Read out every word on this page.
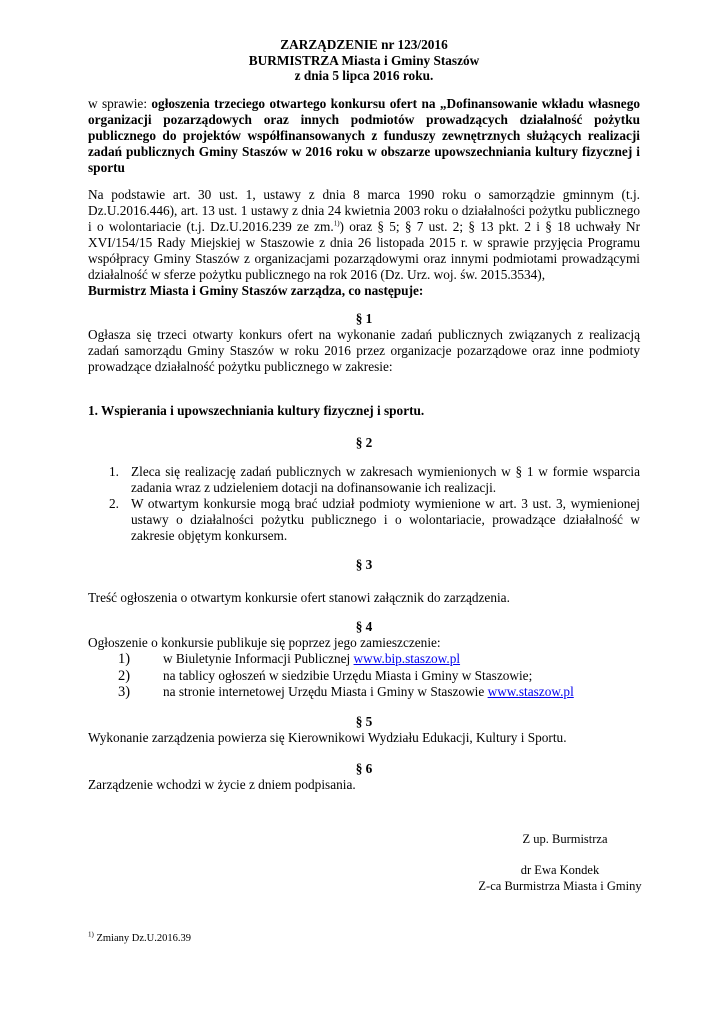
ZARZĄDZENIE nr 123/2016
BURMISTRZA Miasta i Gminy Staszów
z dnia 5 lipca 2016 roku.
w sprawie: ogłoszenia trzeciego otwartego konkursu ofert na „Dofinansowanie wkładu własnego organizacji pozarządowych oraz innych podmiotów prowadzących działalność pożytku publicznego do projektów współfinansowanych z funduszy zewnętrznych służących realizacji zadań publicznych Gminy Staszów w 2016 roku w obszarze upowszechniania kultury fizycznej i sportu
Na podstawie art. 30 ust. 1, ustawy z dnia 8 marca 1990 roku o samorządzie gminnym (t.j. Dz.U.2016.446), art. 13 ust. 1 ustawy z dnia 24 kwietnia 2003 roku o działalności pożytku publicznego i o wolontariacie (t.j. Dz.U.2016.239 ze zm.$^{1)}$) oraz § 5; § 7 ust. 2; § 13 pkt. 2 i § 18 uchwały Nr XVI/154/15 Rady Miejskiej w Staszowie z dnia 26 listopada 2015 r. w sprawie przyjęcia Programu współpracy Gminy Staszów z organizacjami pozarządowymi oraz innymi podmiotami prowadzącymi działalność w sferze pożytku publicznego na rok 2016 (Dz. Urz. woj. św. 2015.3534),
Burmistrz Miasta i Gminy Staszów zarządza, co następuje:
§ 1
Ogłasza się trzeci otwarty konkurs ofert na wykonanie zadań publicznych związanych z realizacją zadań samorządu Gminy Staszów w roku 2016 przez organizacje pozarządowe oraz inne podmioty prowadzące działalność pożytku publicznego w zakresie:
1. Wspierania i upowszechniania kultury fizycznej i sportu.
§ 2
1. Zleca się realizację zadań publicznych w zakresach wymienionych w § 1 w formie wsparcia zadania wraz z udzieleniem dotacji na dofinansowanie ich realizacji.
2. W otwartym konkursie mogą brać udział podmioty wymienione w art. 3 ust. 3, wymienionej ustawy o działalności pożytku publicznego i o wolontariacie, prowadzące działalność w zakresie objętym konkursem.
§ 3
Treść ogłoszenia o otwartym konkursie ofert stanowi załącznik do zarządzenia.
§ 4
Ogłoszenie o konkursie publikuje się poprzez jego zamieszczenie:
1) w Biuletynie Informacji Publicznej www.bip.staszow.pl
2) na tablicy ogłoszeń w siedzibie Urzędu Miasta i Gminy w Staszowie;
3) na stronie internetowej Urzędu Miasta i Gminy w Staszowie www.staszow.pl
§ 5
Wykonanie zarządzenia powierza się Kierownikowi Wydziału Edukacji, Kultury i Sportu.
§ 6
Zarządzenie wchodzi w życie z dniem podpisania.
Z up. Burmistrza
dr Ewa Kondek
Z-ca Burmistrza Miasta i Gminy
$^{1)}$ Zmiany Dz.U.2016.39
